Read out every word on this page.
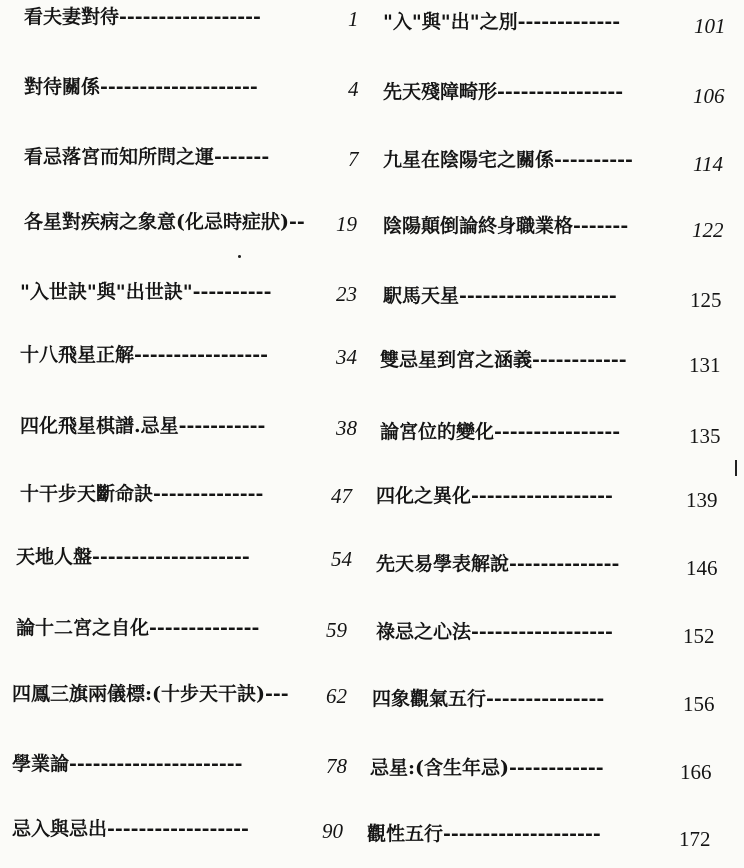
看夫妻對待------------------	1
對待關係--------------------	4
看忌落宮而知所問之運-------	7
各星對疾病之象意(化忌時症狀)-- 19
"入世訣"與"出世訣"----------	23
十八飛星正解-----------------	34
四化飛星棋譜.忌星-----------	38
十干步天斷命訣--------------	47
天地人盤--------------------	54
論十二宮之自化--------------	59
四鳳三旗兩儀標:(十步天干訣)--- 62
學業論----------------------	78
忌入與忌出------------------	90
"入"與"出"之別-------------	101
先天殘障畸形----------------	106
九星在陰陽宅之關係----------	114
陰陽顛倒論終身職業格-------	122
駅馬天星--------------------	125
雙忌星到宮之涵義------------	131
論宮位的變化----------------	135
四化之異化------------------	139
先天易學表解說--------------	146
祿忌之心法------------------	152
四象觀氣五行---------------	156
忌星:(含生年忌)------------	166
觀性五行--------------------	172
